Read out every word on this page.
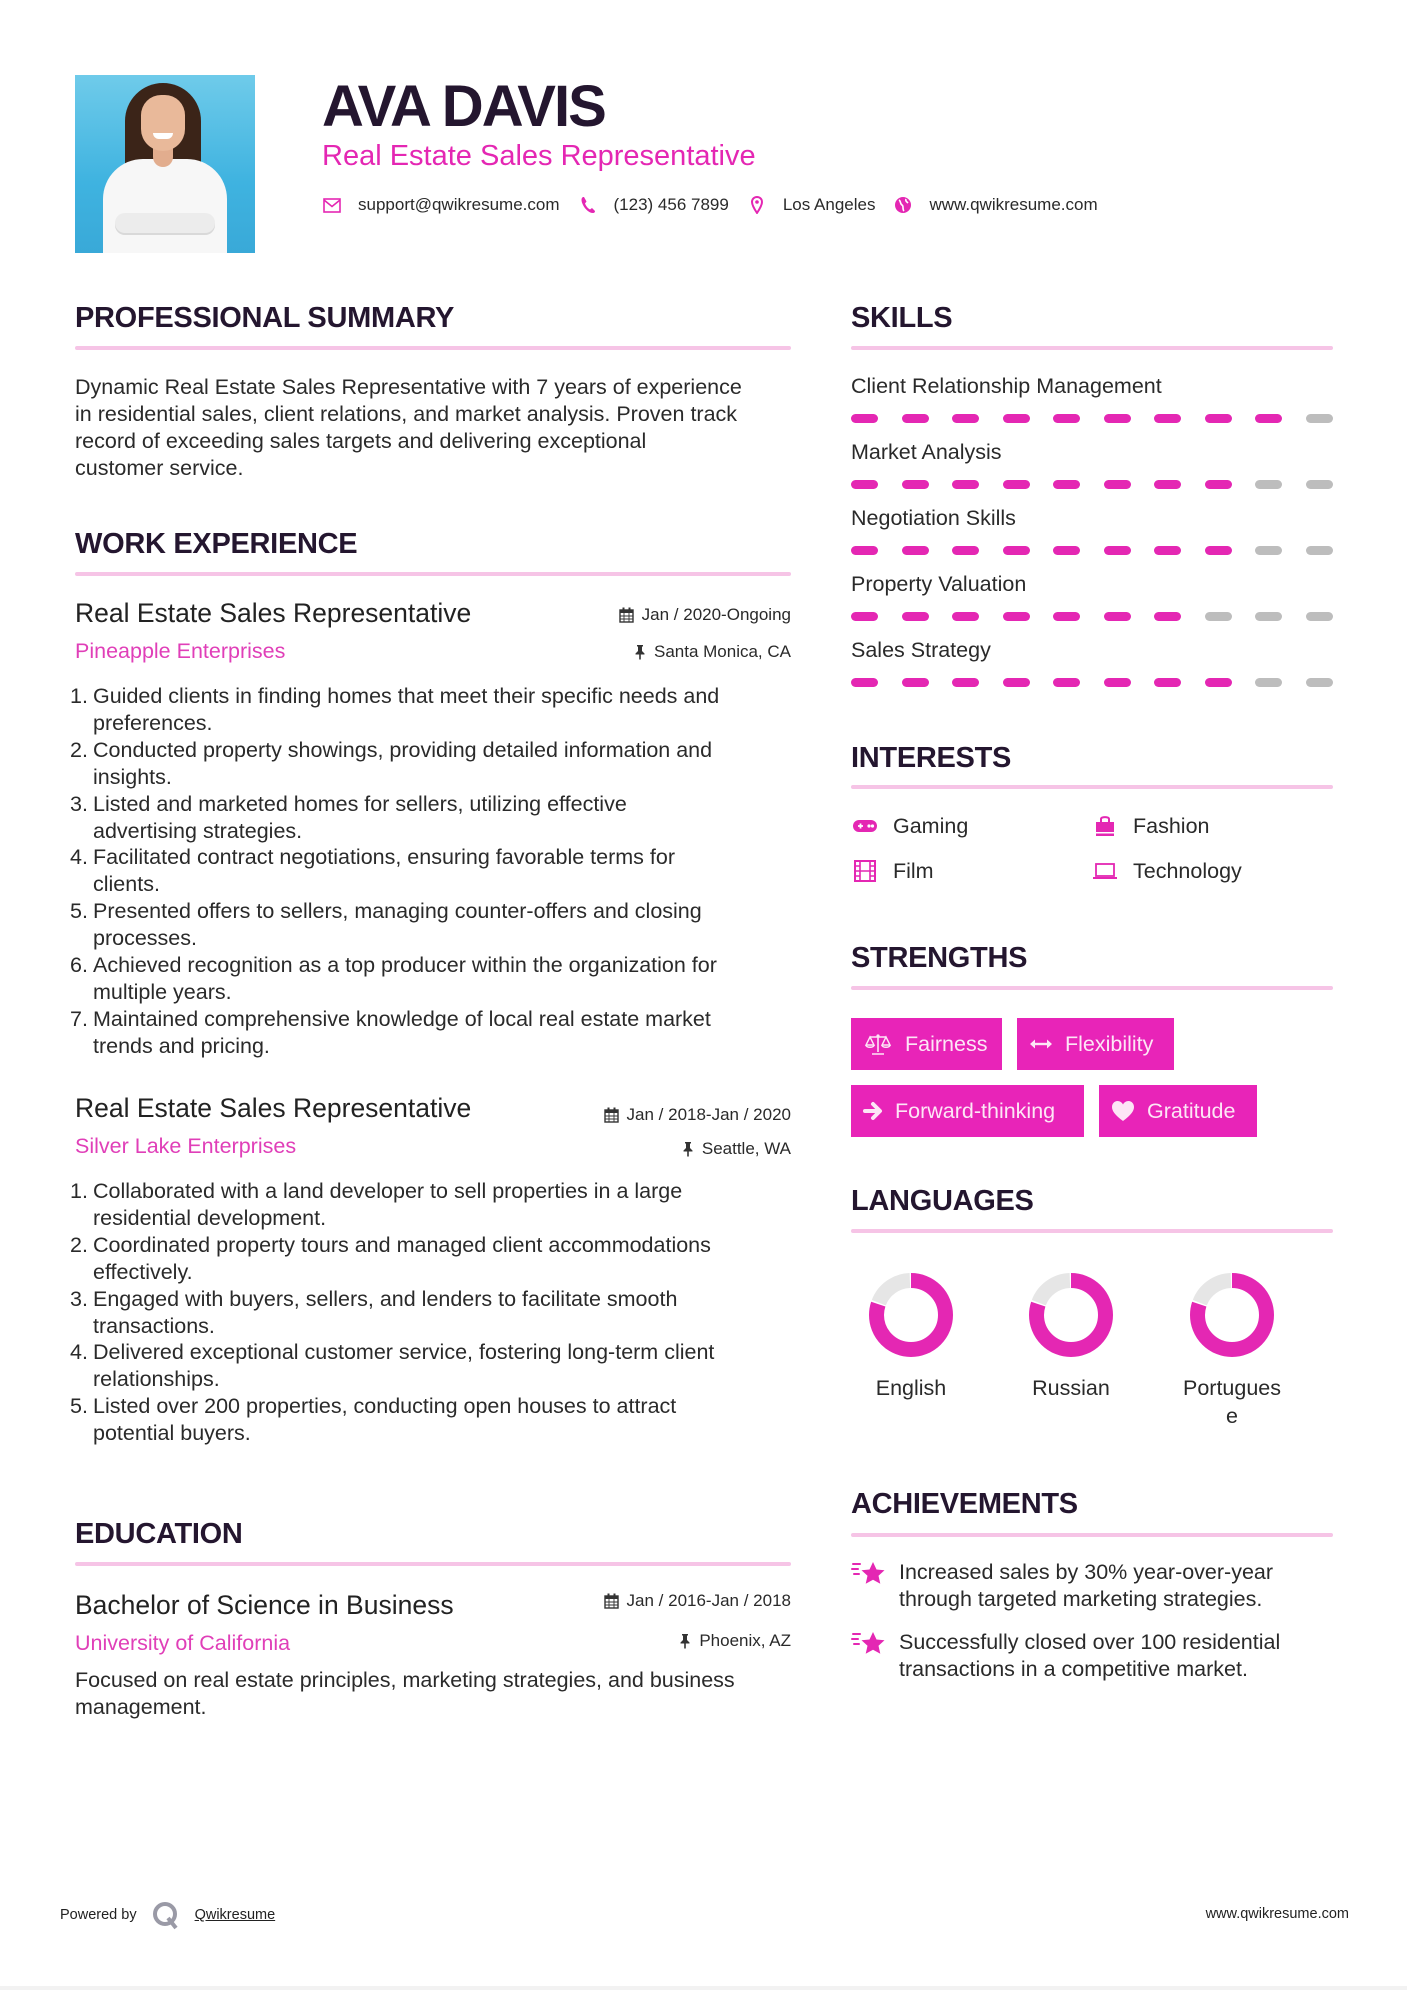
AVA DAVIS
Real Estate Sales Representative
support@qwikresume.com	(123) 456 7899	Los Angeles	www.qwikresume.com
PROFESSIONAL SUMMARY
Dynamic Real Estate Sales Representative with 7 years of experience
in residential sales, client relations, and market analysis. Proven track
record of exceeding sales targets and delivering exceptional
customer service.
WORK EXPERIENCE
Real Estate Sales Representative	Jan / 2020-Ongoing
Pineapple Enterprises	Santa Monica, CA
1. Guided clients in finding homes that meet their specific needs and
preferences.
2. Conducted property showings, providing detailed information and
insights.
3. Listed and marketed homes for sellers, utilizing effective
advertising strategies.
4. Facilitated contract negotiations, ensuring favorable terms for
clients.
5. Presented offers to sellers, managing counter-offers and closing
processes.
6. Achieved recognition as a top producer within the organization for
multiple years.
7. Maintained comprehensive knowledge of local real estate market
trends and pricing.
Real Estate Sales Representative	Jan / 2018-Jan / 2020
Silver Lake Enterprises	Seattle, WA
1. Collaborated with a land developer to sell properties in a large
residential development.
2. Coordinated property tours and managed client accommodations
effectively.
3. Engaged with buyers, sellers, and lenders to facilitate smooth
transactions.
4. Delivered exceptional customer service, fostering long-term client
relationships.
5. Listed over 200 properties, conducting open houses to attract
potential buyers.
EDUCATION
Bachelor of Science in Business	Jan / 2016-Jan / 2018
University of California	Phoenix, AZ
Focused on real estate principles, marketing strategies, and business
management.
SKILLS
Client Relationship Management
Market Analysis
Negotiation Skills
Property Valuation
Sales Strategy
INTERESTS
Gaming	Fashion
Film	Technology
STRENGTHS
Fairness	Flexibility
Forward-thinking	Gratitude
LANGUAGES
English	Russian	Portugues
e
ACHIEVEMENTS
Increased sales by 30% year-over-year
through targeted marketing strategies.
Successfully closed over 100 residential
transactions in a competitive market.
Powered by	Qwikresume	www.qwikresume.com
